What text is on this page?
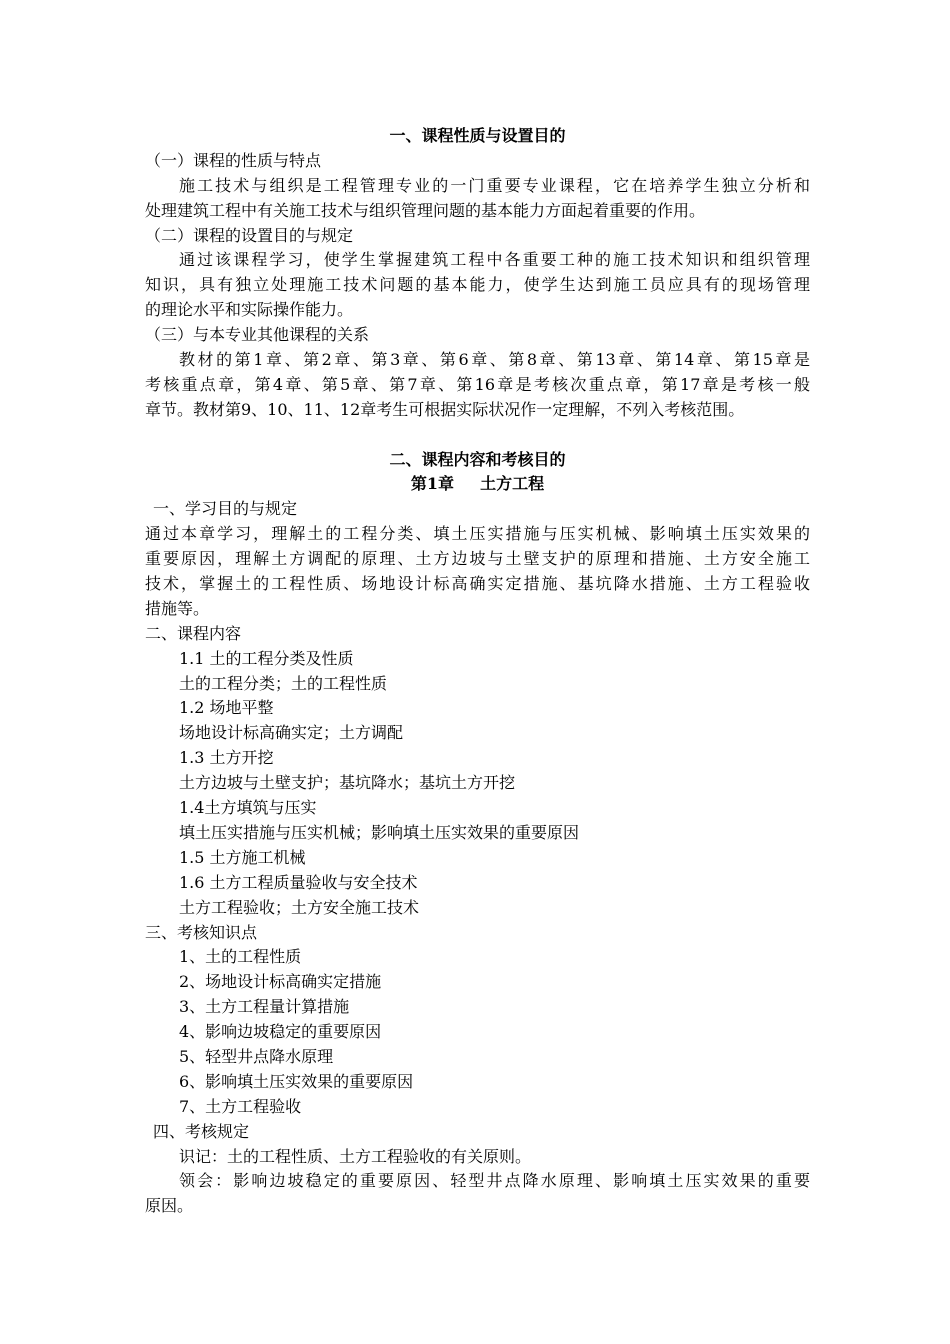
一、课程性质与设置目的
（一）课程的性质与特点
施工技术与组织是工程管理专业的一门重要专业课程，它在培养学生独立分析和
处理建筑工程中有关施工技术与组织管理问题的基本能力方面起着重要的作用。
（二）课程的设置目的与规定
通过该课程学习，使学生掌握建筑工程中各重要工种的施工技术知识和组织管理
知识，具有独立处理施工技术问题的基本能力，使学生达到施工员应具有的现场管理
的理论水平和实际操作能力。
（三）与本专业其他课程的关系
教材的第1章、第2章、第3章、第6章、第8章、第13章、第14章、第15章是
考核重点章，第4章、第5章、第7章、第16章是考核次重点章，第17章是考核一般
章节。教材第9、10、11、12章考生可根据实际状况作一定理解，不列入考核范围。
二、课程内容和考核目的
第1章 土方工程
一、学习目的与规定
通过本章学习，理解土的工程分类、填土压实措施与压实机械、影响填土压实效果的
重要原因，理解土方调配的原理、土方边坡与土壁支护的原理和措施、土方安全施工
技术，掌握土的工程性质、场地设计标高确实定措施、基坑降水措施、土方工程验收
措施等。
二、课程内容
1.1 土的工程分类及性质
土的工程分类；土的工程性质
1.2 场地平整
场地设计标高确实定；土方调配
1.3 土方开挖
土方边坡与土壁支护；基坑降水；基坑土方开挖
1.4土方填筑与压实
填土压实措施与压实机械；影响填土压实效果的重要原因
1.5 土方施工机械
1.6 土方工程质量验收与安全技术
土方工程验收；土方安全施工技术
三、考核知识点
1、土的工程性质
2、场地设计标高确实定措施
3、土方工程量计算措施
4、影响边坡稳定的重要原因
5、轻型井点降水原理
6、影响填土压实效果的重要原因
7、土方工程验收
四、考核规定
识记：土的工程性质、土方工程验收的有关原则。
领会：影响边坡稳定的重要原因、轻型井点降水原理、影响填土压实效果的重要
原因。
